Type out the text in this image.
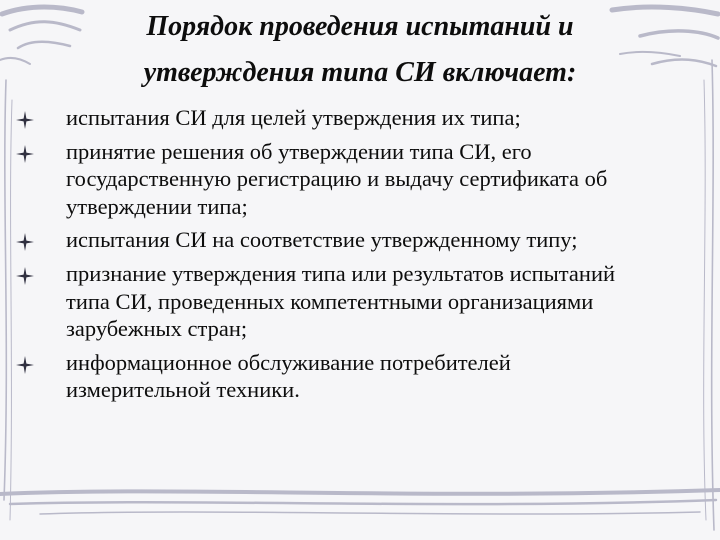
Порядок проведения испытаний и
утверждения типа СИ включает:
испытания СИ для целей утверждения их типа;
принятие решения об утверждении типа СИ, его государственную регистрацию и выдачу сертификата об утверждении типа;
испытания СИ на соответствие утвержденному типу;
признание утверждения типа или результатов испытаний типа СИ, проведенных компетентными организациями зарубежных стран;
информационное обслуживание потребителей измерительной техники.
